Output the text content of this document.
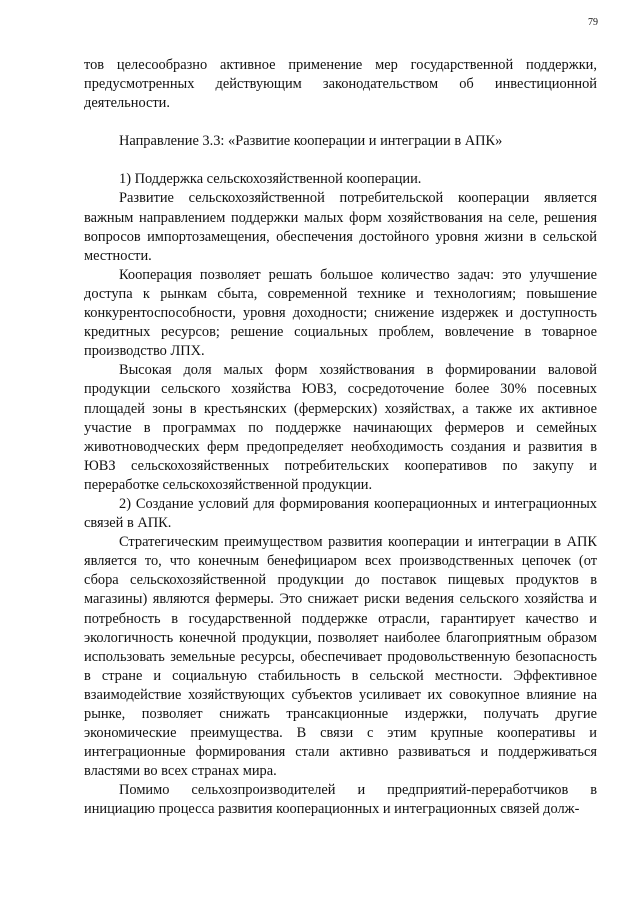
79

тов целесообразно активное применение мер государственной поддержки, предусмотренных действующим законодательством об инвестиционной деятельности.

Направление 3.3: «Развитие кооперации и интеграции в АПК»

1) Поддержка сельскохозяйственной кооперации.

Развитие сельскохозяйственной потребительской кооперации является важным направлением поддержки малых форм хозяйствования на селе, решения вопросов импортозамещения, обеспечения достойного уровня жизни в сельской местности.

Кооперация позволяет решать большое количество задач: это улучшение доступа к рынкам сбыта, современной технике и технологиям; повышение конкурентоспособности, уровня доходности; снижение издержек и доступность кредитных ресурсов; решение социальных проблем, вовлечение в товарное производство ЛПХ.

Высокая доля малых форм хозяйствования в формировании валовой продукции сельского хозяйства ЮВЗ, сосредоточение более 30% посевных площадей зоны в крестьянских (фермерских) хозяйствах, а также их активное участие в программах по поддержке начинающих фермеров и семейных животноводческих ферм предопределяет необходимость создания и развития в ЮВЗ сельскохозяйственных потребительских кооперативов по закупу и переработке сельскохозяйственной продукции.

2) Создание условий для формирования кооперационных и интеграционных связей в АПК.

Стратегическим преимуществом развития кооперации и интеграции в АПК является то, что конечным бенефициаром всех производственных цепочек (от сбора сельскохозяйственной продукции до поставок пищевых продуктов в магазины) являются фермеры. Это снижает риски ведения сельского хозяйства и потребность в государственной поддержке отрасли, гарантирует качество и экологичность конечной продукции, позволяет наиболее благоприятным образом использовать земельные ресурсы, обеспечивает продовольственную безопасность в стране и социальную стабильность в сельской местности. Эффективное взаимодействие хозяйствующих субъектов усиливает их совокупное влияние на рынке, позволяет снижать трансакционные издержки, получать другие экономические преимущества. В связи с этим крупные кооперативы и интеграционные формирования стали активно развиваться и поддерживаться властями во всех странах мира.

Помимо сельхозпроизводителей и предприятий-переработчиков в инициацию процесса развития кооперационных и интеграционных связей долж-
